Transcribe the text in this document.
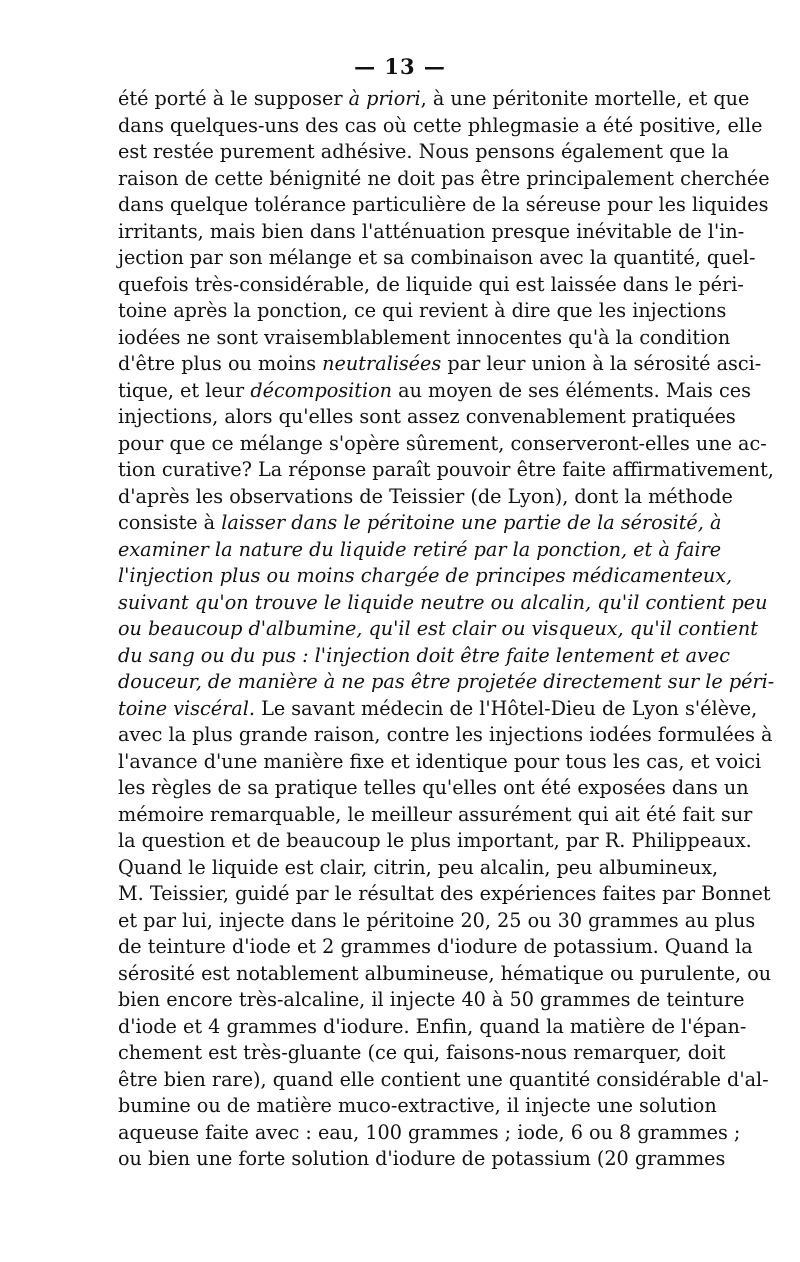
— 13 —
été porté à le supposer à priori, à une péritonite mortelle, et que
dans quelques-uns des cas où cette phlegmasie a été positive, elle
est restée purement adhésive. Nous pensons également que la
raison de cette bénignité ne doit pas être principalement cherchée
dans quelque tolérance particulière de la séreuse pour les liquides
irritants, mais bien dans l'atténuation presque inévitable de l'in-
jection par son mélange et sa combinaison avec la quantité, quel-
quefois très-considérable, de liquide qui est laissée dans le péri-
toine après la ponction, ce qui revient à dire que les injections
iodées ne sont vraisemblablement innocentes qu'à la condition
d'être plus ou moins neutralisées par leur union à la sérosité asci-
tique, et leur décomposition au moyen de ses éléments. Mais ces
injections, alors qu'elles sont assez convenablement pratiquées
pour que ce mélange s'opère sûrement, conserveront-elles une ac-
tion curative? La réponse paraît pouvoir être faite affirmativement,
d'après les observations de Teissier (de Lyon), dont la méthode
consiste à laisser dans le péritoine une partie de la sérosité, à
examiner la nature du liquide retiré par la ponction, et à faire
l'injection plus ou moins chargée de principes médicamenteux,
suivant qu'on trouve le liquide neutre ou alcalin, qu'il contient peu
ou beaucoup d'albumine, qu'il est clair ou visqueux, qu'il contient
du sang ou du pus : l'injection doit être faite lentement et avec
douceur, de manière à ne pas être projetée directement sur le péri-
toine viscéral. Le savant médecin de l'Hôtel-Dieu de Lyon s'élève,
avec la plus grande raison, contre les injections iodées formulées à
l'avance d'une manière fixe et identique pour tous les cas, et voici
les règles de sa pratique telles qu'elles ont été exposées dans un
mémoire remarquable, le meilleur assurément qui ait été fait sur
la question et de beaucoup le plus important, par R. Philippeaux.
Quand le liquide est clair, citrin, peu alcalin, peu albumineux,
M. Teissier, guidé par le résultat des expériences faites par Bonnet
et par lui, injecte dans le péritoine 20, 25 ou 30 grammes au plus
de teinture d'iode et 2 grammes d'iodure de potassium. Quand la
sérosité est notablement albumineuse, hématique ou purulente, ou
bien encore très-alcaline, il injecte 40 à 50 grammes de teinture
d'iode et 4 grammes d'iodure. Enfin, quand la matière de l'épan-
chement est très-gluante (ce qui, faisons-nous remarquer, doit
être bien rare), quand elle contient une quantité considérable d'al-
bumine ou de matière muco-extractive, il injecte une solution
aqueuse faite avec : eau, 100 grammes ; iode, 6 ou 8 grammes ;
ou bien une forte solution d'iodure de potassium (20 grammes
